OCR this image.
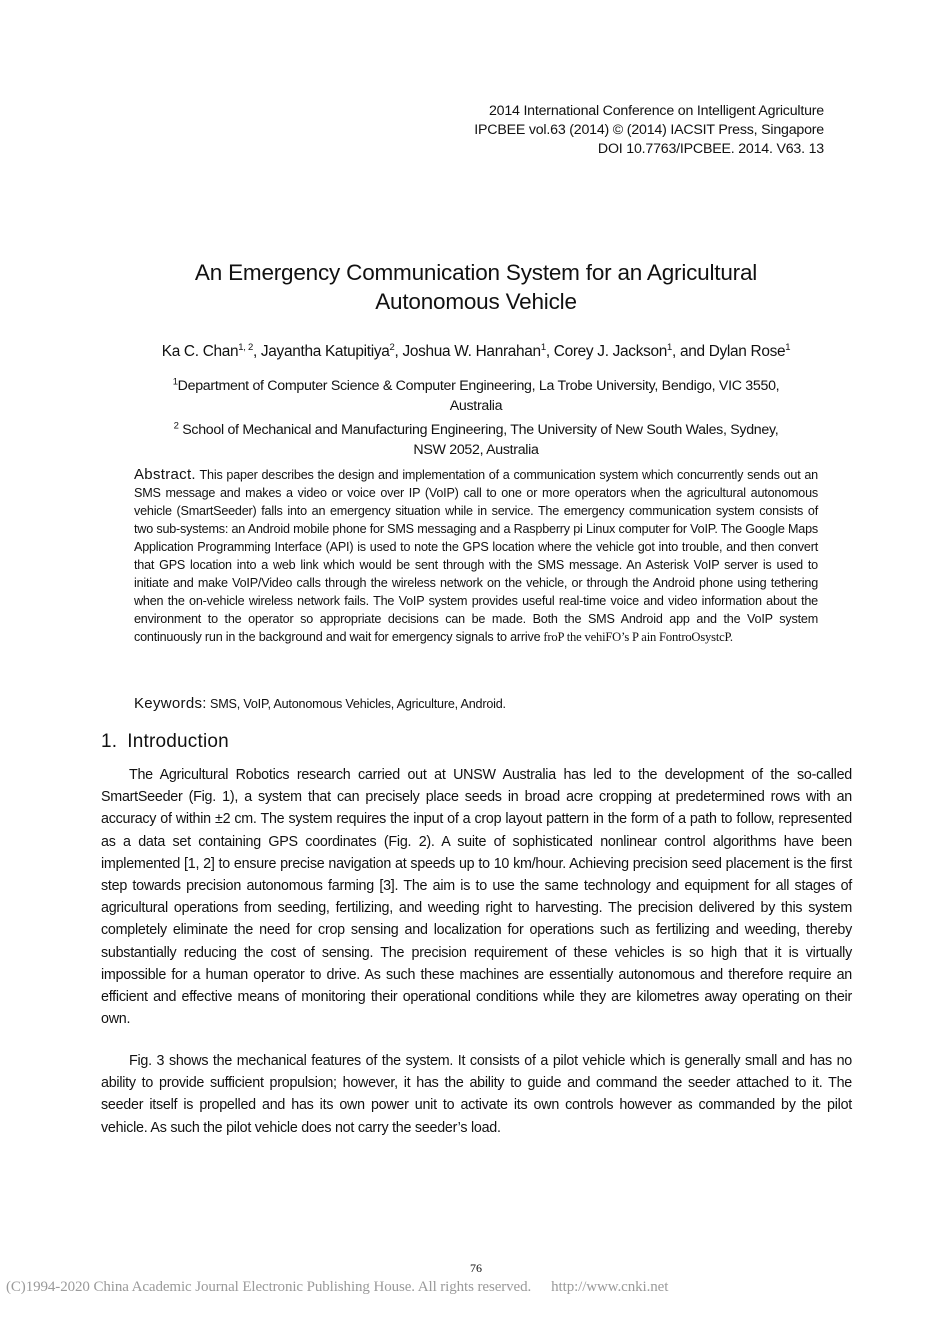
2014 International Conference on Intelligent Agriculture
IPCBEE vol.63 (2014) © (2014) IACSIT Press, Singapore
DOI 10.7763/IPCBEE. 2014. V63. 13
An Emergency Communication System for an Agricultural
Autonomous Vehicle
Ka C. Chan$^{1, 2}$, Jayantha Katupitiya$^2$, Joshua W. Hanrahan$^1$, Corey J. Jackson$^1$, and Dylan Rose$^1$
$^1$Department of Computer Science & Computer Engineering, La Trobe University, Bendigo, VIC 3550,
Australia
$^2$ School of Mechanical and Manufacturing Engineering, The University of New South Wales, Sydney,
NSW 2052, Australia
Abstract. This paper describes the design and implementation of a communication system which concurrently sends out an SMS message and makes a video or voice over IP (VoIP) call to one or more operators when the agricultural autonomous vehicle (SmartSeeder) falls into an emergency situation while in service. The emergency communication system consists of two sub-systems: an Android mobile phone for SMS messaging and a Raspberry pi Linux computer for VoIP. The Google Maps Application Programming Interface (API) is used to note the GPS location where the vehicle got into trouble, and then convert that GPS location into a web link which would be sent through with the SMS message. An Asterisk VoIP server is used to initiate and make VoIP/Video calls through the wireless network on the vehicle, or through the Android phone using tethering when the on-vehicle wireless network fails. The VoIP system provides useful real-time voice and video information about the environment to the operator so appropriate decisions can be made. Both the SMS Android app and the VoIP system continuously run in the background and wait for emergency signals to arrive froP the vehiFO’s P ain FontroOsystcP.
Keywords: SMS, VoIP, Autonomous Vehicles, Agriculture, Android.
1. Introduction

The Agricultural Robotics research carried out at UNSW Australia has led to the development of the so-called SmartSeeder (Fig. 1), a system that can precisely place seeds in broad acre cropping at predetermined rows with an accuracy of within ±2 cm. The system requires the input of a crop layout pattern in the form of a path to follow, represented as a data set containing GPS coordinates (Fig. 2). A suite of sophisticated nonlinear control algorithms have been implemented [1, 2] to ensure precise navigation at speeds up to 10 km/hour. Achieving precision seed placement is the first step towards precision autonomous farming [3]. The aim is to use the same technology and equipment for all stages of agricultural operations from seeding, fertilizing, and weeding right to harvesting. The precision delivered by this system completely eliminate the need for crop sensing and localization for operations such as fertilizing and weeding, thereby substantially reducing the cost of sensing. The precision requirement of these vehicles is so high that it is virtually impossible for a human operator to drive. As such these machines are essentially autonomous and therefore require an efficient and effective means of monitoring their operational conditions while they are kilometres away operating on their own.

Fig. 3 shows the mechanical features of the system. It consists of a pilot vehicle which is generally small and has no ability to provide sufficient propulsion; however, it has the ability to guide and command the seeder attached to it. The seeder itself is propelled and has its own power unit to activate its own controls however as commanded by the pilot vehicle. As such the pilot vehicle does not carry the seeder’s load.

76
(C)1994-2020 China Academic Journal Electronic Publishing House. All rights reserved. http://www.cnki.net
